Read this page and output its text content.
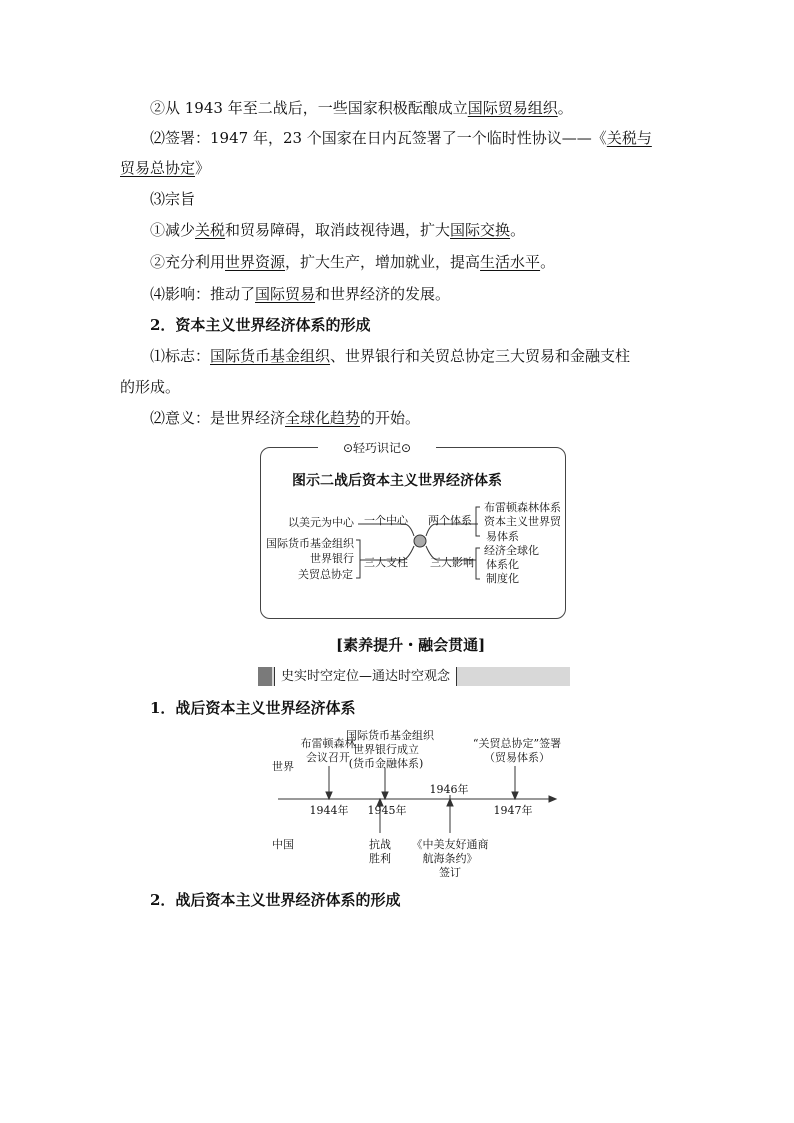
②从 1943 年至二战后，一些国家积极酝酿成立国际贸易组织。
⑵签署：1947 年，23 个国家在日内瓦签署了一个临时性协议——《关税与
贸易总协定》
⑶宗旨
①减少关税和贸易障碍，取消歧视待遇，扩大国际交换。
②充分利用世界资源，扩大生产，增加就业，提高生活水平。
⑷影响：推动了国际贸易和世界经济的发展。
2．资本主义世界经济体系的形成
⑴标志：国际货币基金组织、世界银行和关贸总协定三大贸易和金融支柱
的形成。
⑵意义：是世界经济全球化趋势的开始。
⊙轻巧识记⊙
图示二战后资本主义世界经济体系
以美元为中心 一个中心 两个体系
布雷顿森林体系
资本主义世界贸
易体系
国际货币基金组织
世界银行
关贸总协定
三大支柱 三大影响
经济全球化
体系化
制度化
[素养提升・融会贯通]
史实时空定位—通达时空观念
1．战后资本主义世界经济体系
世界
中国
布雷顿森林
会议召开
国际货币基金组织
世界银行成立
(货币金融体系)
“关贸总协定”签署
（贸易体系）
1944年	1945年
1946年
1947年
抗战
胜利
《中美友好通商
航海条约》
签订
2．战后资本主义世界经济体系的形成
